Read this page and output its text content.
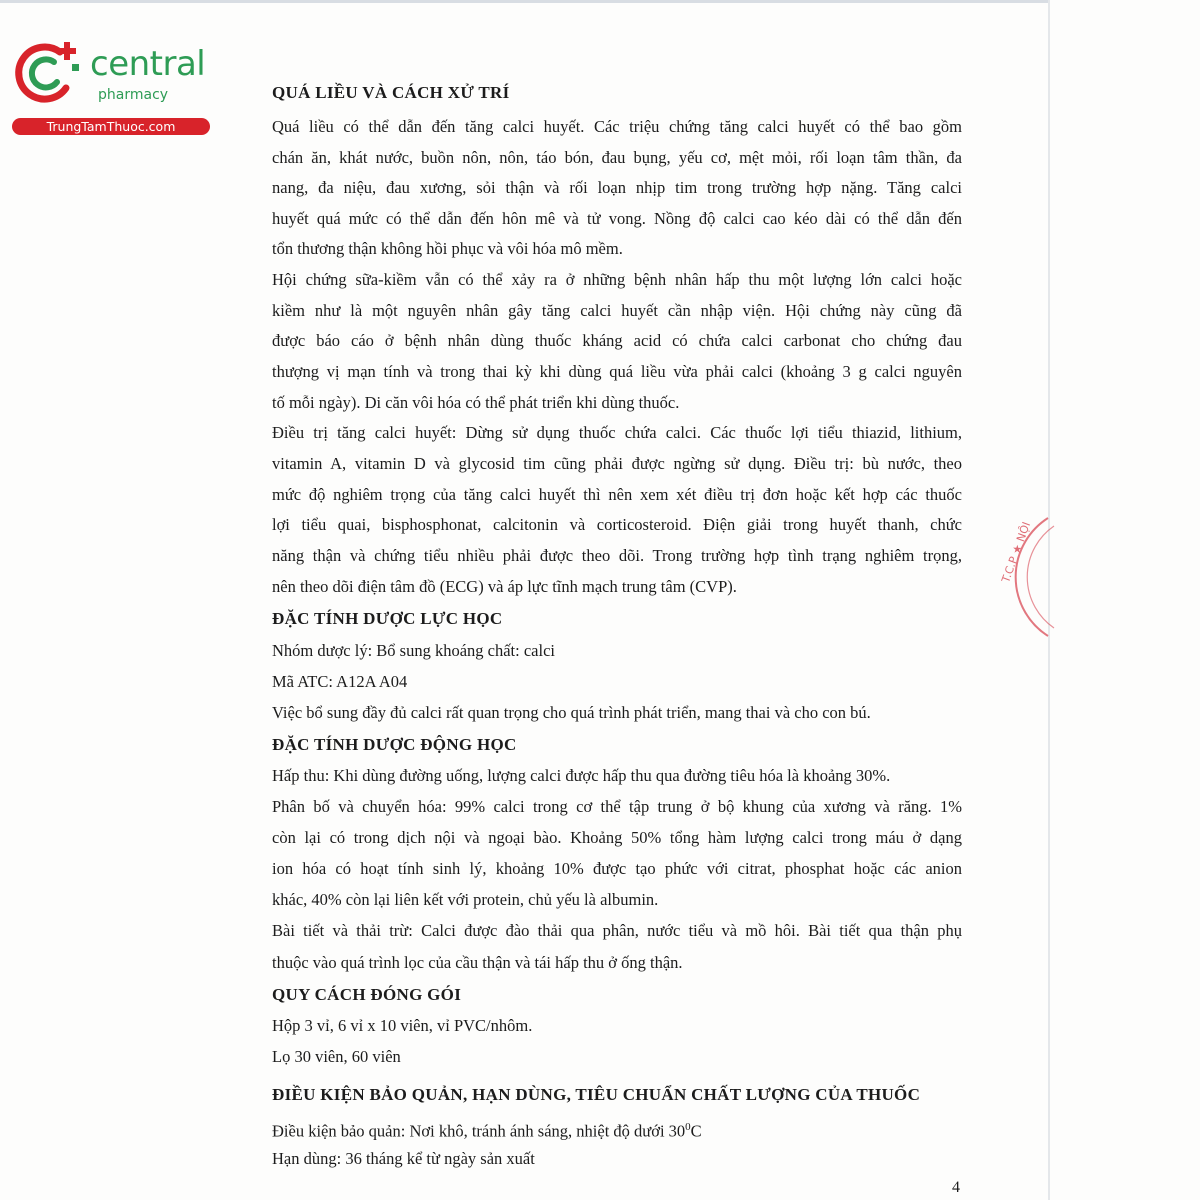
central
pharmacy
TrungTamThuoc.com
QUÁ LIỀU VÀ CÁCH XỬ TRÍ
Quá liều có thể dẫn đến tăng calci huyết. Các triệu chứng tăng calci huyết có thể bao gồm
chán ăn, khát nước, buồn nôn, nôn, táo bón, đau bụng, yếu cơ, mệt mỏi, rối loạn tâm thần, đa
nang, đa niệu, đau xương, sỏi thận và rối loạn nhịp tim trong trường hợp nặng. Tăng calci
huyết quá mức có thể dẫn đến hôn mê và tử vong. Nồng độ calci cao kéo dài có thể dẫn đến
tổn thương thận không hồi phục và vôi hóa mô mềm.
Hội chứng sữa-kiềm vẫn có thể xảy ra ở những bệnh nhân hấp thu một lượng lớn calci hoặc
kiềm như là một nguyên nhân gây tăng calci huyết cần nhập viện. Hội chứng này cũng đã
được báo cáo ở bệnh nhân dùng thuốc kháng acid có chứa calci carbonat cho chứng đau
thượng vị mạn tính và trong thai kỳ khi dùng quá liều vừa phải calci (khoảng 3 g calci nguyên
tố mỗi ngày). Di căn vôi hóa có thể phát triển khi dùng thuốc.
Điều trị tăng calci huyết: Dừng sử dụng thuốc chứa calci. Các thuốc lợi tiểu thiazid, lithium,
vitamin A, vitamin D và glycosid tim cũng phải được ngừng sử dụng. Điều trị: bù nước, theo
mức độ nghiêm trọng của tăng calci huyết thì nên xem xét điều trị đơn hoặc kết hợp các thuốc
lợi tiểu quai, bisphosphonat, calcitonin và corticosteroid. Điện giải trong huyết thanh, chức
năng thận và chứng tiểu nhiều phải được theo dõi. Trong trường hợp tình trạng nghiêm trọng,
nên theo dõi điện tâm đồ (ECG) và áp lực tĩnh mạch trung tâm (CVP).
ĐẶC TÍNH DƯỢC LỰC HỌC
Nhóm dược lý: Bổ sung khoáng chất: calci
Mã ATC: A12A A04
Việc bổ sung đầy đủ calci rất quan trọng cho quá trình phát triển, mang thai và cho con bú.
ĐẶC TÍNH DƯỢC ĐỘNG HỌC
Hấp thu: Khi dùng đường uống, lượng calci được hấp thu qua đường tiêu hóa là khoảng 30%.
Phân bố và chuyển hóa: 99% calci trong cơ thể tập trung ở bộ khung của xương và răng. 1%
còn lại có trong dịch nội và ngoại bào. Khoảng 50% tổng hàm lượng calci trong máu ở dạng
ion hóa có hoạt tính sinh lý, khoảng 10% được tạo phức với citrat, phosphat hoặc các anion
khác, 40% còn lại liên kết với protein, chủ yếu là albumin.
Bài tiết và thải trừ: Calci được đào thải qua phân, nước tiểu và mồ hôi. Bài tiết qua thận phụ
thuộc vào quá trình lọc của cầu thận và tái hấp thu ở ống thận.
QUY CÁCH ĐÓNG GÓI
Hộp 3 vỉ, 6 vỉ x 10 viên, vỉ PVC/nhôm.
Lọ 30 viên, 60 viên
ĐIỀU KIỆN BẢO QUẢN, HẠN DÙNG, TIÊU CHUẨN CHẤT LƯỢNG CỦA THUỐC
Điều kiện bảo quản: Nơi khô, tránh ánh sáng, nhiệt độ dưới $30^0C$
Hạn dùng: 36 tháng kể từ ngày sản xuất
4
T.C.P ★ NỘI
